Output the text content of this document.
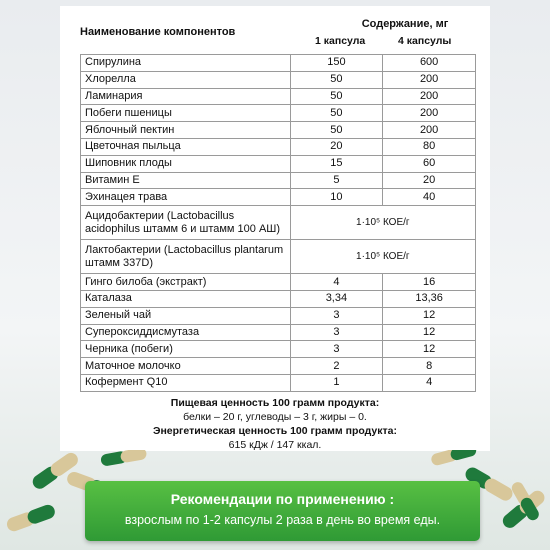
Наименование компонентов
Содержание, мг
1 капсула	4 капсулы
Спирулина	150	600
Хлорелла	50	200
Ламинария	50	200
Побеги пшеницы	50	200
Яблочный пектин	50	200
Цветочная пыльца	20	80
Шиповник плоды	15	60
Витамин Е	5	20
Эхинацея трава	10	40
Ацидобактерии (Lactobacillus acidophilus штамм 6 и штамм 100 АШ)	1·10⁵ КОЕ/г	
Лактобактерии (Lactobacillus plantarum штамм 337D)	1·10⁵ КОЕ/г	
Гинго билоба (экстракт)	4	16
Каталаза	3,34	13,36
Зеленый чай	3	12
Супероксиддисмутаза	3	12
Черника (побеги)	3	12
Маточное молочко	2	8
Кофермент Q10	1	4
Пищевая ценность 100 грамм продукта:
белки – 20 г, углеводы – 3 г, жиры – 0.
Энергетическая ценность 100 грамм продукта:
615 кДж / 147 ккал.
Рекомендации по применению :
взрослым по 1-2 капсулы 2 раза в день во время еды.
